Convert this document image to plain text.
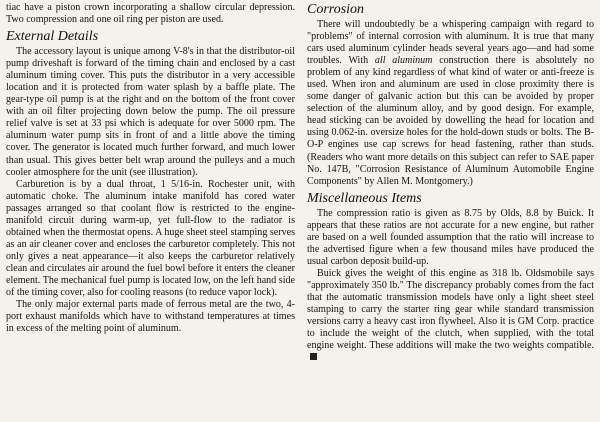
tiac have a piston crown incorporating a shallow circular depression. Two compression and one oil ring per piston are used.

External Details

The accessory layout is unique among V-8's in that the distributor-oil pump driveshaft is forward of the timing chain and enclosed by a cast aluminum timing cover. This puts the distributor in a very accessible location and it is protected from water splash by a baffle plate. The gear-type oil pump is at the right and on the bottom of the front cover with an oil filter projecting down below the pump. The oil pressure relief valve is set at 33 psi which is adequate for over 5000 rpm. The aluminum water pump sits in front of and a little above the timing cover. The generator is located much further forward, and much lower than usual. This gives better belt wrap around the pulleys and a much cooler atmosphere for the unit (see illustration).

Carburetion is by a dual throat, 1 5/16-in. Rochester unit, with automatic choke. The aluminum intake manifold has cored water passages arranged so that coolant flow is restricted to the engine-manifold circuit during warm-up, yet full-flow to the radiator is obtained when the thermostat opens. A huge sheet steel stamping serves as an air cleaner cover and encloses the carburetor completely. This not only gives a neat appearance—it also keeps the carburetor relatively clean and circulates air around the fuel bowl before it enters the cleaner element. The mechanical fuel pump is located low, on the left hand side of the timing cover, also for cooling reasons (to reduce vapor lock).

The only major external parts made of ferrous metal are the two, 4-port exhaust manifolds which have to withstand temperatures at times in excess of the melting point of aluminum.

Corrosion

There will undoubtedly be a whispering campaign with regard to "problems" of internal corrosion with aluminum. It is true that many cars used aluminum cylinder heads several years ago—and had some troubles. With all aluminum construction there is absolutely no problem of any kind regardless of what kind of water or anti-freeze is used. When iron and aluminum are used in close proximity there is some danger of galvanic action but this can be avoided by proper selection of the aluminum alloy, and by good design. For example, head sticking can be avoided by dowelling the head for location and using 0.062-in. oversize holes for the hold-down studs or bolts. The B-O-P engines use cap screws for head fastening, rather than studs. (Readers who want more details on this subject can refer to SAE paper No. 147B, "Corrosion Resistance of Aluminum Automobile Engine Components" by Allen M. Montgomery.)

Miscellaneous Items

The compression ratio is given as 8.75 by Olds, 8.8 by Buick. It appears that these ratios are not accurate for a new engine, but rather are based on a well founded assumption that the ratio will increase to the advertised figure when a few thousand miles have produced the usual carbon deposit build-up.

Buick gives the weight of this engine as 318 lb. Oldsmobile says "approximately 350 lb." The discrepancy probably comes from the fact that the automatic transmission models have only a light sheet steel stamping to carry the starter ring gear while standard transmission versions carry a heavy cast iron flywheel. Also it is GM Corp. practice to include the weight of the clutch, when supplied, with the total engine weight. These additions will make the two weights compatible.
